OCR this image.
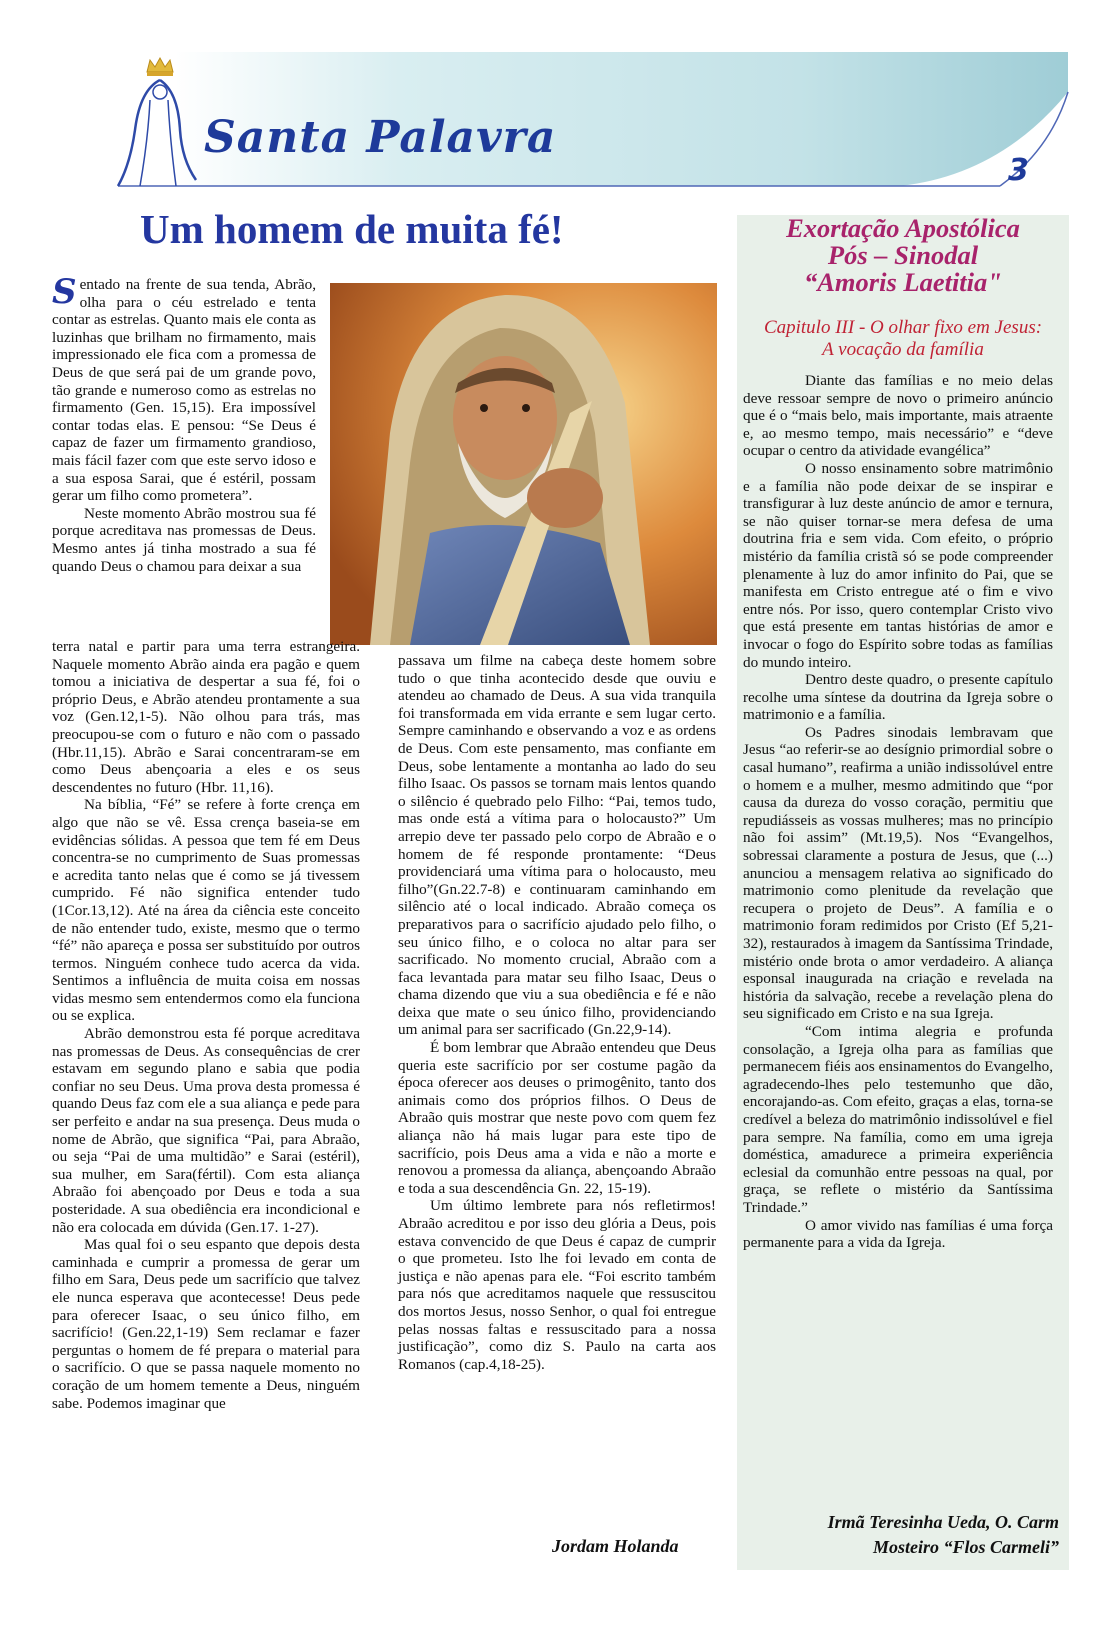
Santa Palavra
3
Um homem de muita fé!

Sentado na frente de sua tenda, Abrão, olha para o céu estrelado e tenta contar as estrelas. Quanto mais ele conta as luzinhas que brilham no firmamento, mais impressionado ele fica com a promessa de Deus de que será pai de um grande povo, tão grande e numeroso como as estrelas no firmamento (Gen. 15,15). Era impossível contar todas elas. E pensou: “Se Deus é capaz de fazer um firmamento grandioso, mais fácil fazer com que este servo idoso e a sua esposa Sarai, que é estéril, possam gerar um filho como prometera”.

Neste momento Abrão mostrou sua fé porque acreditava nas promessas de Deus. Mesmo antes já tinha mostrado a sua fé quando Deus o chamou para deixar a sua

terra natal e partir para uma terra estrangeira. Naquele momento Abrão ainda era pagão e quem tomou a iniciativa de despertar a sua fé, foi o próprio Deus, e Abrão atendeu prontamente a sua voz (Gen.12,1-5). Não olhou para trás, mas preocupou-se com o futuro e não com o passado (Hbr.11,15). Abrão e Sarai concentraram-se em como Deus abençoaria a eles e os seus descendentes no futuro (Hbr. 11,16).

Na bíblia, “Fé” se refere à forte crença em algo que não se vê. Essa crença baseia-se em evidências sólidas. A pessoa que tem fé em Deus concentra-se no cumprimento de Suas promessas e acredita tanto nelas que é como se já tivessem cumprido. Fé não significa entender tudo (1Cor.13,12). Até na área da ciência este conceito de não entender tudo, existe, mesmo que o termo “fé” não apareça e possa ser substituído por outros termos. Ninguém conhece tudo acerca da vida. Sentimos a influência de muita coisa em nossas vidas mesmo sem entendermos como ela funciona ou se explica.

Abrão demonstrou esta fé porque acreditava nas promessas de Deus. As consequências de crer estavam em segundo plano e sabia que podia confiar no seu Deus. Uma prova desta promessa é quando Deus faz com ele a sua aliança e pede para ser perfeito e andar na sua presença. Deus muda o nome de Abrão, que significa “Pai, para Abraão, ou seja “Pai de uma multidão” e Sarai (estéril), sua mulher, em Sara(fértil). Com esta aliança Abraão foi abençoado por Deus e toda a sua posteridade. A sua obediência era incondicional e não era colocada em dúvida (Gen.17. 1-27).

Mas qual foi o seu espanto que depois desta caminhada e cumprir a promessa de gerar um filho em Sara, Deus pede um sacrifício que talvez ele nunca esperava que acontecesse! Deus pede para oferecer Isaac, o seu único filho, em sacrifício! (Gen.22,1-19) Sem reclamar e fazer perguntas o homem de fé prepara o material para o sacrifício. O que se passa naquele momento no coração de um homem temente a Deus, ninguém sabe. Podemos imaginar que

passava um filme na cabeça deste homem sobre tudo o que tinha acontecido desde que ouviu e atendeu ao chamado de Deus. A sua vida tranquila foi transformada em vida errante e sem lugar certo. Sempre caminhando e observando a voz e as ordens de Deus. Com este pensamento, mas confiante em Deus, sobe lentamente a montanha ao lado do seu filho Isaac. Os passos se tornam mais lentos quando o silêncio é quebrado pelo Filho: “Pai, temos tudo, mas onde está a vítima para o holocausto?” Um arrepio deve ter passado pelo corpo de Abraão e o homem de fé responde prontamente: “Deus providenciará uma vítima para o holocausto, meu filho”(Gn.22.7-8) e continuaram caminhando em silêncio até o local indicado. Abraão começa os preparativos para o sacrifício ajudado pelo filho, o seu único filho, e o coloca no altar para ser sacrificado. No momento crucial, Abraão com a faca levantada para matar seu filho Isaac, Deus o chama dizendo que viu a sua obediência e fé e não deixa que mate o seu único filho, providenciando um animal para ser sacrificado (Gn.22,9-14).

É bom lembrar que Abraão entendeu que Deus queria este sacrifício por ser costume pagão da época oferecer aos deuses o primogênito, tanto dos animais como dos próprios filhos. O Deus de Abraão quis mostrar que neste povo com quem fez aliança não há mais lugar para este tipo de sacrifício, pois Deus ama a vida e não a morte e renovou a promessa da aliança, abençoando Abraão e toda a sua descendência Gn. 22, 15-19).

Um último lembrete para nós refletirmos! Abraão acreditou e por isso deu glória a Deus, pois estava convencido de que Deus é capaz de cumprir o que prometeu. Isto lhe foi levado em conta de justiça e não apenas para ele. “Foi escrito também para nós que acreditamos naquele que ressuscitou dos mortos Jesus, nosso Senhor, o qual foi entregue pelas nossas faltas e ressuscitado para a nossa justificação”, como diz S. Paulo na carta aos Romanos (cap.4,18-25).

Jordam Holanda
Exortação Apostólica
Pós – Sinodal
“Amoris Laetitia"
Capitulo III - O olhar fixo em Jesus:
A vocação da família

Diante das famílias e no meio delas deve ressoar sempre de novo o primeiro anúncio que é o “mais belo, mais importante, mais atraente e, ao mesmo tempo, mais necessário” e “deve ocupar o centro da atividade evangélica”

O nosso ensinamento sobre matrimônio e a família não pode deixar de se inspirar e transfigurar à luz deste anúncio de amor e ternura, se não quiser tornar-se mera defesa de uma doutrina fria e sem vida. Com efeito, o próprio mistério da família cristã só se pode compreender plenamente à luz do amor infinito do Pai, que se manifesta em Cristo entregue até o fim e vivo entre nós. Por isso, quero contemplar Cristo vivo que está presente em tantas histórias de amor e invocar o fogo do Espírito sobre todas as famílias do mundo inteiro.

Dentro deste quadro, o presente capítulo recolhe uma síntese da doutrina da Igreja sobre o matrimonio e a família.

Os Padres sinodais lembravam que Jesus “ao referir-se ao desígnio primordial sobre o casal humano”, reafirma a união indissolúvel entre o homem e a mulher, mesmo admitindo que “por causa da dureza do vosso coração, permitiu que repudiásseis as vossas mulheres; mas no princípio não foi assim” (Mt.19,5). Nos “Evangelhos, sobressai claramente a postura de Jesus, que (...) anunciou a mensagem relativa ao significado do matrimonio como plenitude da revelação que recupera o projeto de Deus”. A família e o matrimonio foram redimidos por Cristo (Ef 5,21-32), restaurados à imagem da Santíssima Trindade, mistério onde brota o amor verdadeiro. A aliança esponsal inaugurada na criação e revelada na história da salvação, recebe a revelação plena do seu significado em Cristo e na sua Igreja.

“Com intima alegria e profunda consolação, a Igreja olha para as famílias que permanecem fiéis aos ensinamentos do Evangelho, agradecendo-lhes pelo testemunho que dão, encorajando-as. Com efeito, graças a elas, torna-se credível a beleza do matrimônio indissolúvel e fiel para sempre. Na família, como em uma igreja doméstica, amadurece a primeira experiência eclesial da comunhão entre pessoas na qual, por graça, se reflete o mistério da Santíssima Trindade.”

O amor vivido nas famílias é uma força permanente para a vida da Igreja.

Irmã Teresinha Ueda, O. Carm
Mosteiro “Flos Carmeli”
